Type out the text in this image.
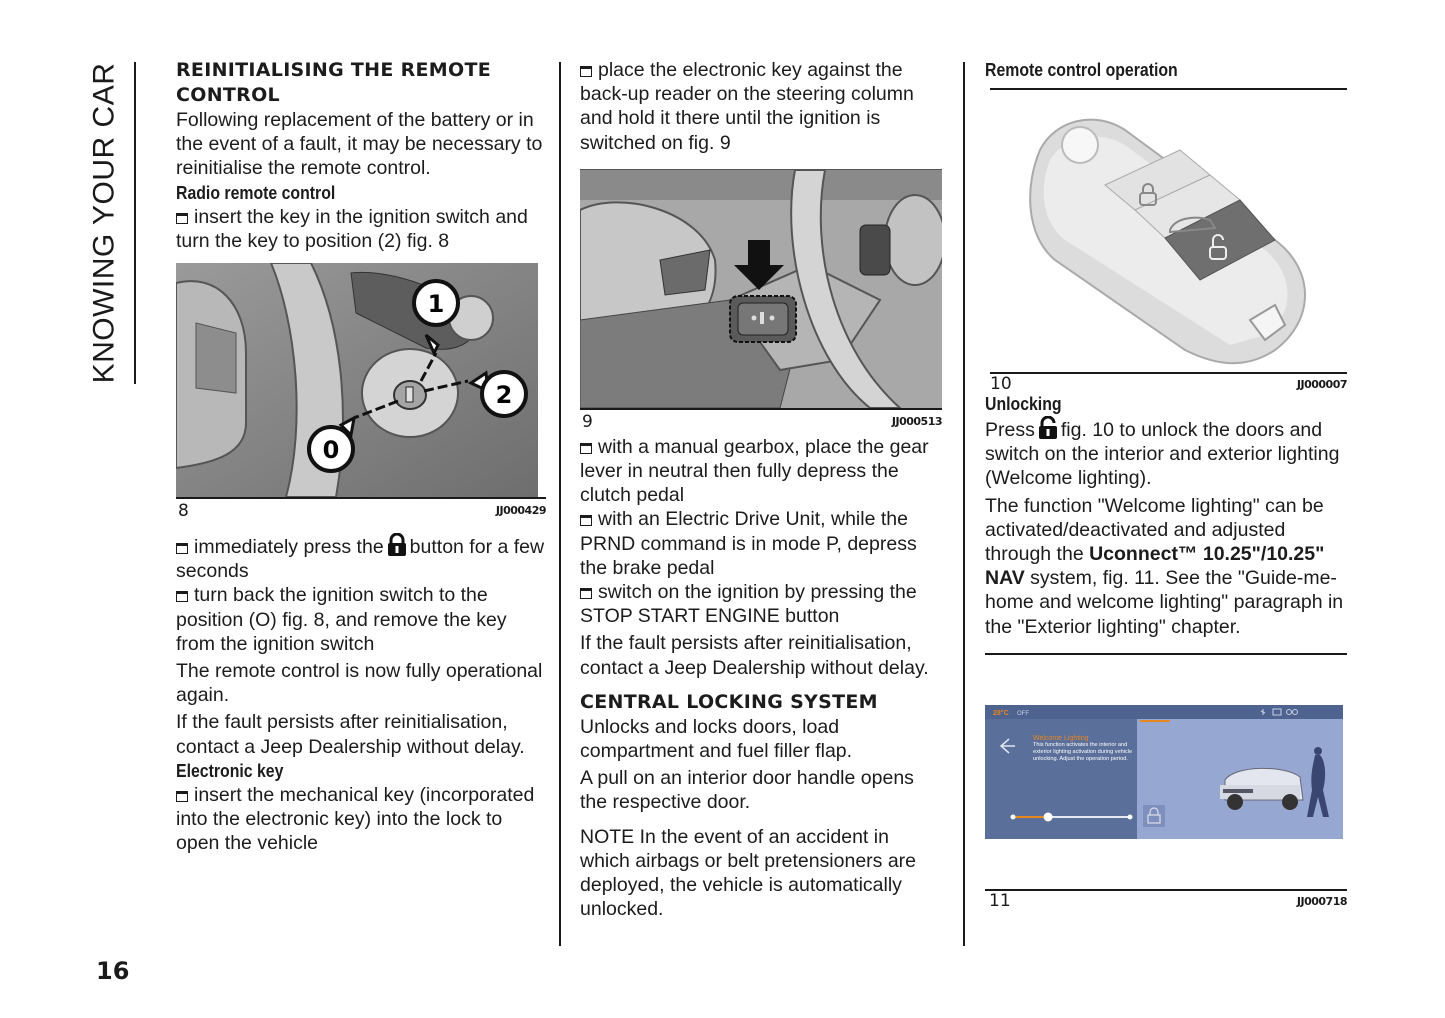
KNOWING YOUR CAR
16
REINITIALISING THE REMOTE CONTROL

Following replacement of the battery or in the event of a fault, it may be necessary to reinitialise the remote control.

Radio remote control

insert the key in the ignition switch and turn the key to position (2) fig. 8

1
2
0
8	JJ000429

immediately press the button for a few seconds

turn back the ignition switch to the position (O) fig. 8, and remove the key from the ignition switch

The remote control is now fully operational again.

If the fault persists after reinitialisation, contact a Jeep Dealership without delay.

Electronic key

insert the mechanical key (incorporated into the electronic key) into the lock to open the vehicle

place the electronic key against the back-up reader on the steering column and hold it there until the ignition is switched on fig. 9

9	JJ000513

with a manual gearbox, place the gear lever in neutral then fully depress the clutch pedal

with an Electric Drive Unit, while the PRND command is in mode P, depress the brake pedal

switch on the ignition by pressing the STOP START ENGINE button

If the fault persists after reinitialisation, contact a Jeep Dealership without delay.

CENTRAL LOCKING SYSTEM

Unlocks and locks doors, load compartment and fuel filler flap.

A pull on an interior door handle opens the respective door.

NOTE In the event of an accident in which airbags or belt pretensioners are deployed, the vehicle is automatically unlocked.

Remote control operation
10	JJ000007
Unlocking

Press fig. 10 to unlock the doors and switch on the interior and exterior lighting (Welcome lighting).

The function "Welcome lighting" can be activated/deactivated and adjusted through the Uconnect™ 10.25"/10.25" NAV system, fig. 11. See the "Guide-me-home and welcome lighting" paragraph in the "Exterior lighting" chapter.

28°C OFF
Welcome Lighting
This function activates the interior and exterior lighting activation during vehicle unlocking. Adjust the operation period.
11	JJ000718
